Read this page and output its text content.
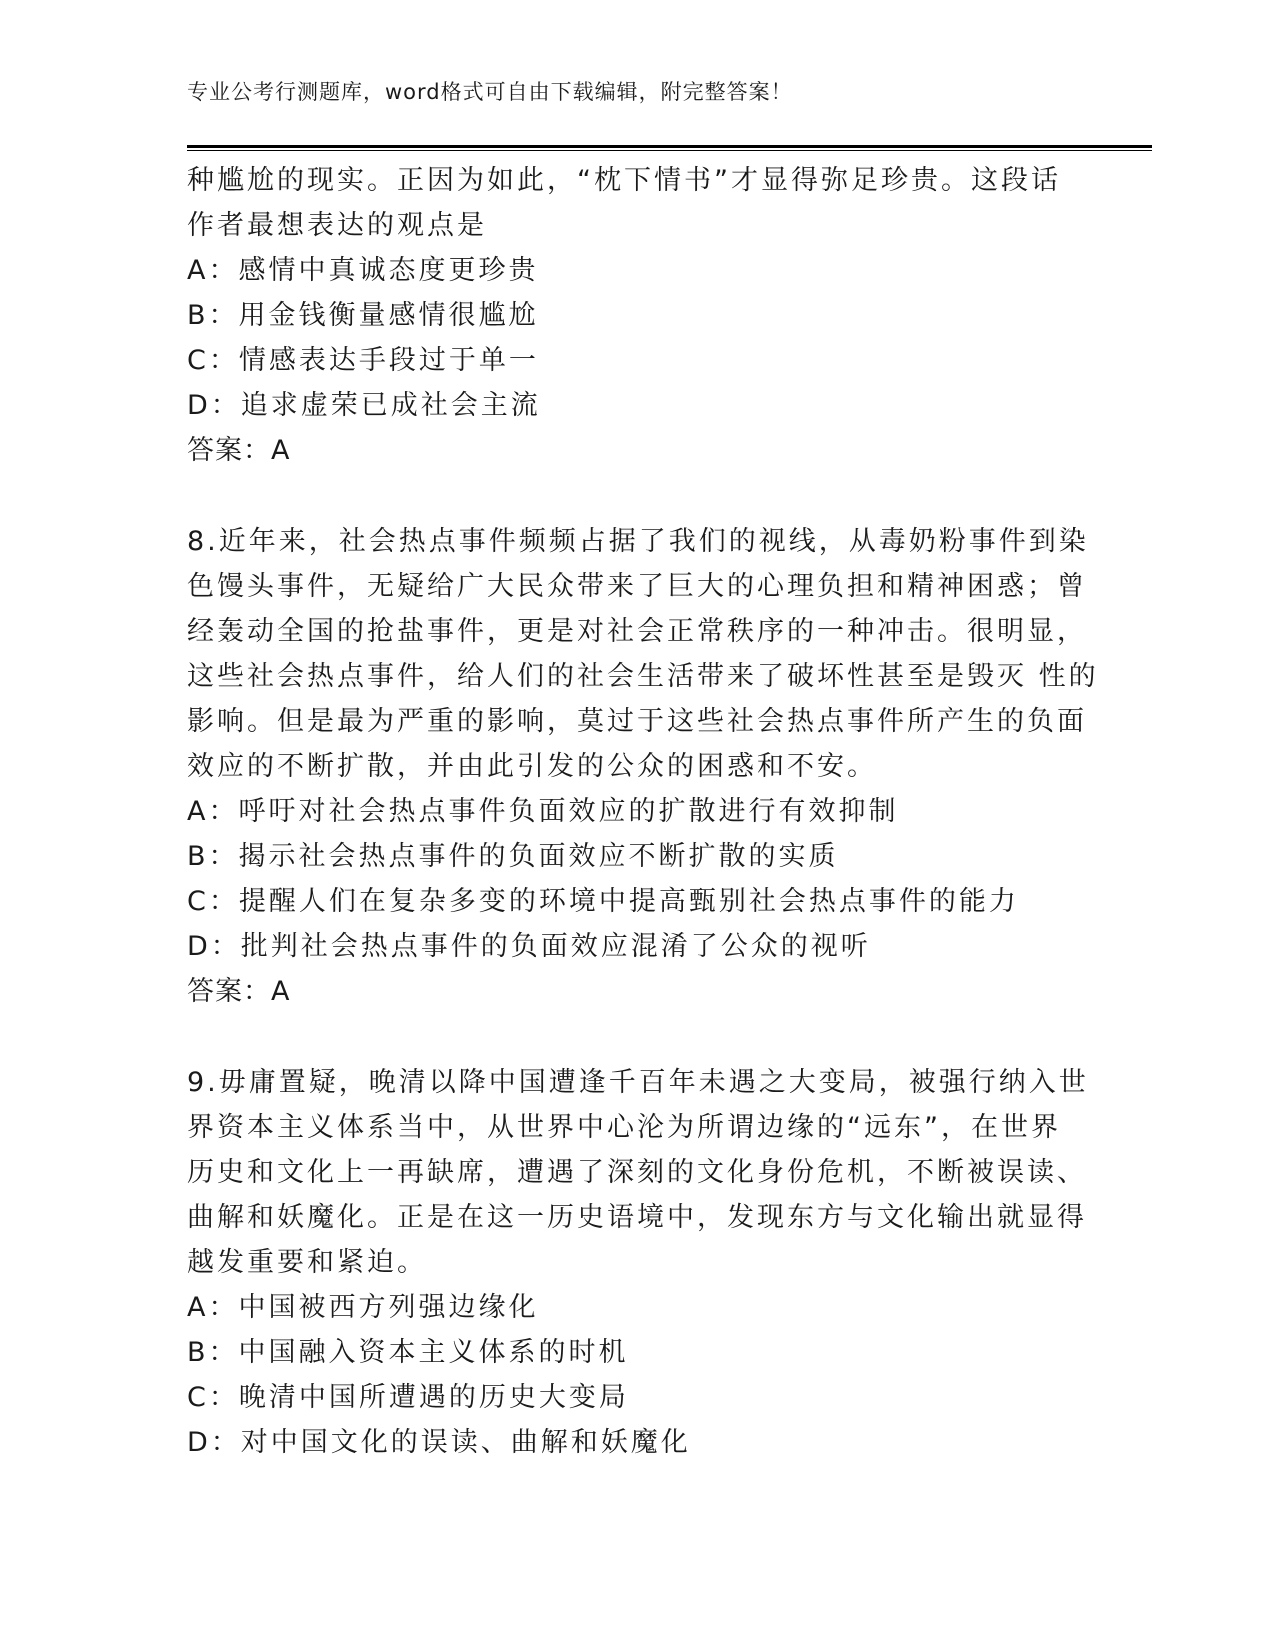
专业公考行测题库，word格式可自由下载编辑，附完整答案！
种尴尬的现实。正因为如此，“枕下情书”才显得弥足珍贵。这段话
作者最想表达的观点是
A：感情中真诚态度更珍贵
B：用金钱衡量感情很尴尬
C：情感表达手段过于单一
D：追求虚荣已成社会主流
答案：A
8.近年来，社会热点事件频频占据了我们的视线，从毒奶粉事件到染
色馒头事件，无疑给广大民众带来了巨大的心理负担和精神困惑；曾
经轰动全国的抢盐事件，更是对社会正常秩序的一种冲击。很明显，
这些社会热点事件，给人们的社会生活带来了破坏性甚至是毁灭 性的
影响。但是最为严重的影响，莫过于这些社会热点事件所产生的负面
效应的不断扩散，并由此引发的公众的困惑和不安。
A：呼吁对社会热点事件负面效应的扩散进行有效抑制
B：揭示社会热点事件的负面效应不断扩散的实质
C：提醒人们在复杂多变的环境中提高甄别社会热点事件的能力
D：批判社会热点事件的负面效应混淆了公众的视听
答案：A
9.毋庸置疑，晚清以降中国遭逢千百年未遇之大变局，被强行纳入世
界资本主义体系当中，从世界中心沦为所谓边缘的“远东”，在世界
历史和文化上一再缺席，遭遇了深刻的文化身份危机，不断被误读、
曲解和妖魔化。正是在这一历史语境中，发现东方与文化输出就显得
越发重要和紧迫。
A：中国被西方列强边缘化
B：中国融入资本主义体系的时机
C：晚清中国所遭遇的历史大变局
D：对中国文化的误读、曲解和妖魔化
